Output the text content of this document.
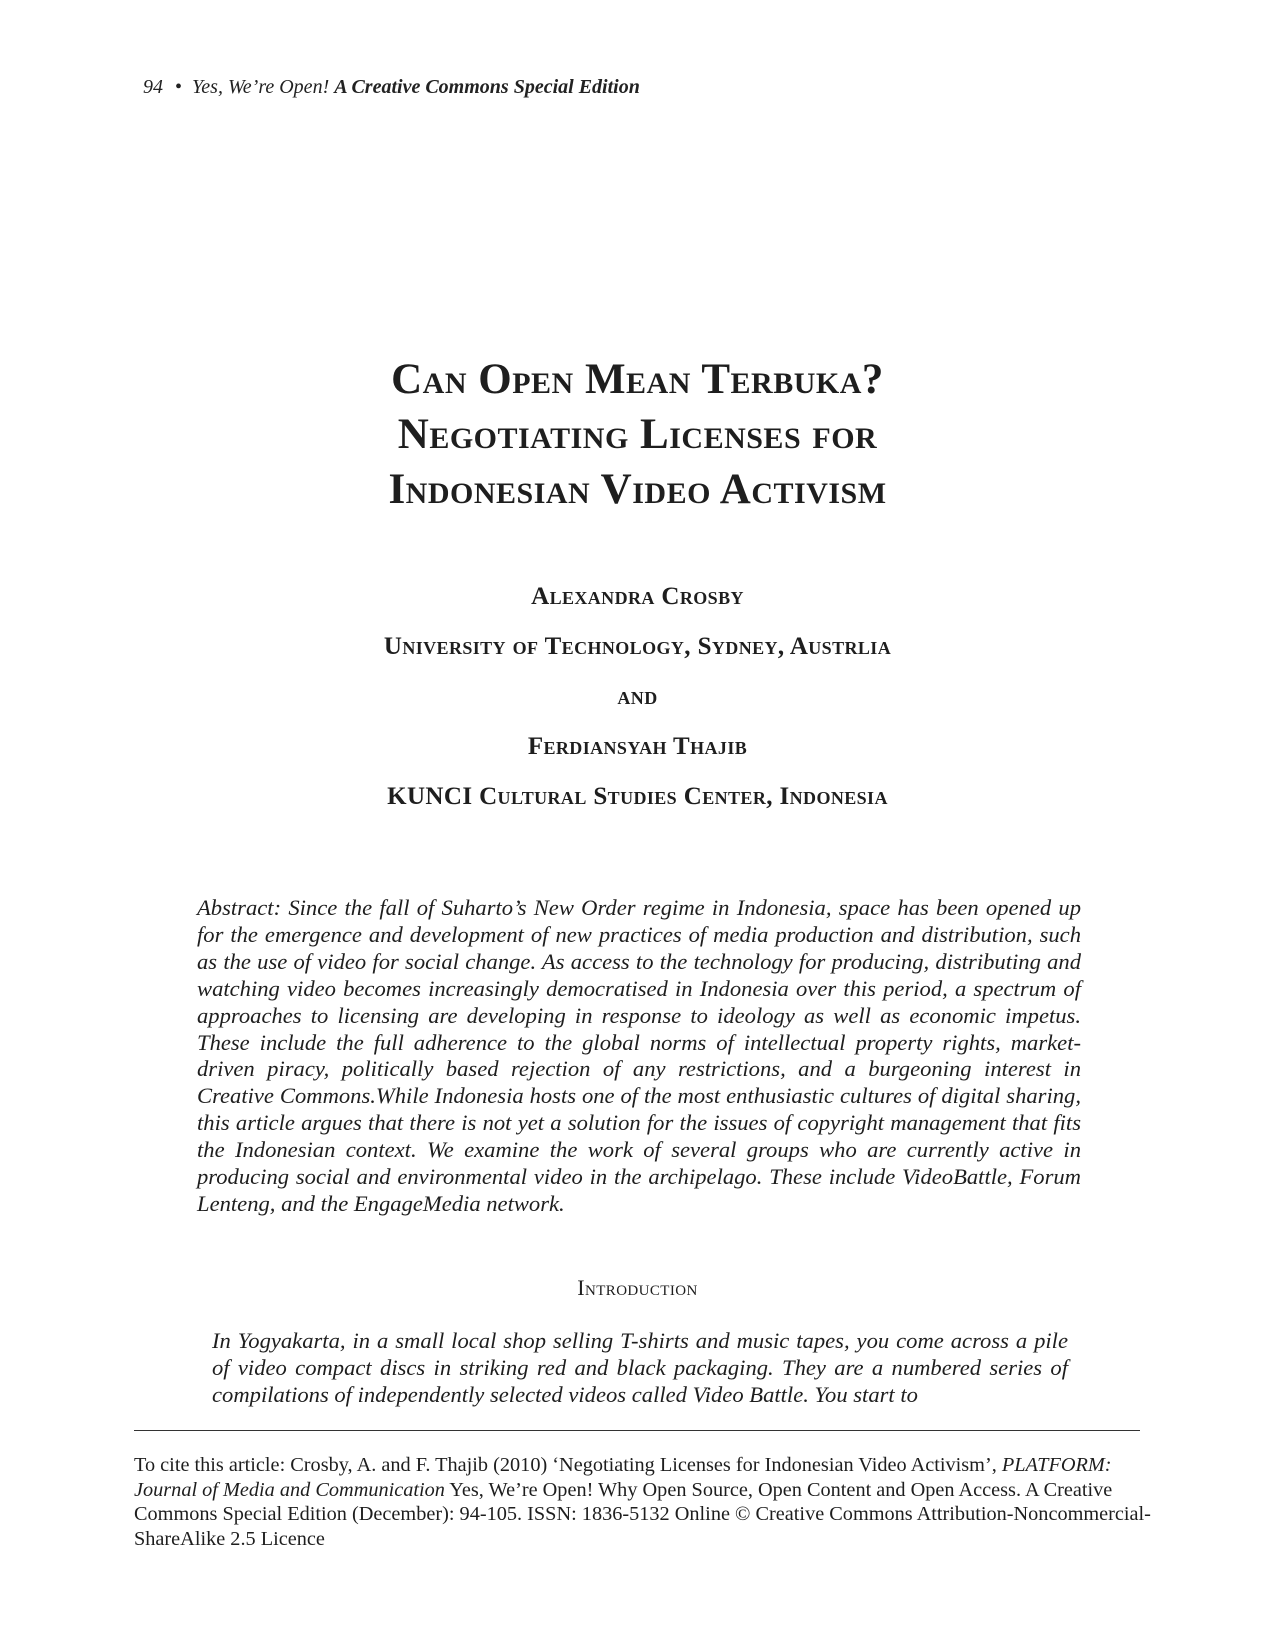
94 • Yes, We’re Open! A Creative Commons Special Edition
Can Open Mean Terbuka?
Negotiating Licenses for
Indonesian Video Activism
Alexandra Crosby
University of Technology, Sydney, Austrlia
and
Ferdiansyah Thajib
KUNCI Cultural Studies Center, Indonesia

Abstract: Since the fall of Suharto’s New Order regime in Indonesia, space has been opened up for the emergence and development of new practices of media production and distribution, such as the use of video for social change. As access to the technology for producing, distributing and watching video becomes increasingly democratised in Indonesia over this period, a spectrum of approaches to licensing are developing in response to ideology as well as economic impetus. These include the full adherence to the global norms of intellectual property rights, market-driven piracy, politically based rejection of any restrictions, and a burgeoning interest in Creative Commons.While Indonesia hosts one of the most enthusiastic cultures of digital sharing, this article argues that there is not yet a solution for the issues of copyright management that fits the Indonesian context. We examine the work of several groups who are currently active in producing social and environmental video in the archipelago. These include VideoBattle, Forum Lenteng, and the EngageMedia network.

Introduction

In Yogyakarta, in a small local shop selling T-shirts and music tapes, you come across a pile of video compact discs in striking red and black packaging. They are a numbered series of compilations of independently selected videos called Video Battle. You start to

To cite this article: Crosby, A. and F. Thajib (2010) ‘Negotiating Licenses for Indonesian Video Activism’, PLATFORM: Journal of Media and Communication Yes, We’re Open! Why Open Source, Open Content and Open Access. A Creative Commons Special Edition (December): 94-105. ISSN: 1836-5132 Online © Creative Commons Attribution-Noncommercial-ShareAlike 2.5 Licence
